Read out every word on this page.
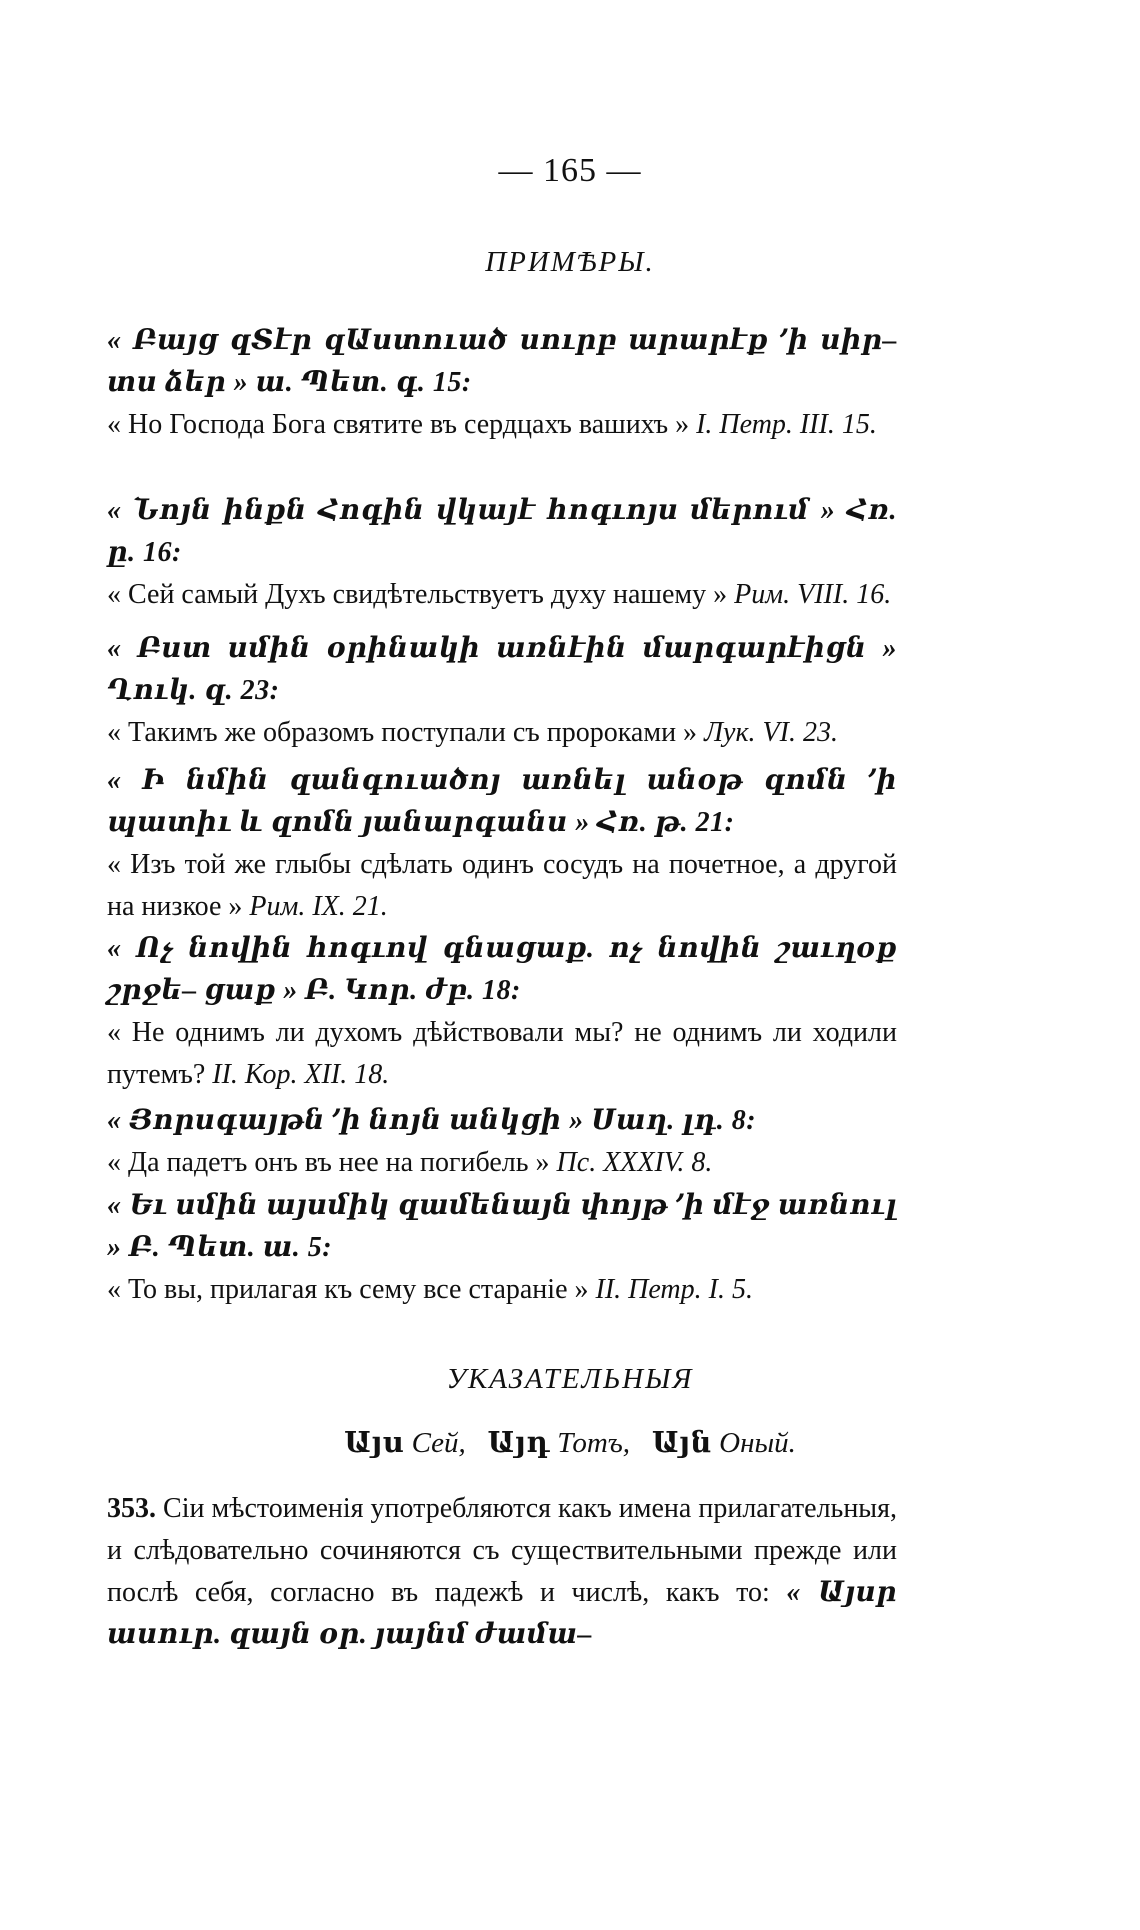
— 165 —
ПРИМѢРЫ.
« Բայց զՏէր զԱստուած սուրբ արարէք ՚ի սիր– տս ձեր » ա. Պետ. գ. 15:
« Но Господа Бога святите въ сердцахъ вашихъ » I. Петр. III. 15.
« Նոյն ինքն Հոգին վկայէ հոգւոյս մերում » Հռ. ը. 16:
« Сей самый Духъ свидѣтельствуетъ духу нашему » Рим. VIII. 16.
« Բստ սմին օրինակի առնէին մարգարէիցն » Ղուկ. զ. 23:
« Такимъ же образомъ поступали съ пророками » Лук. VI. 23.
« Ի նմին զանգուածոյ առնել անօթ զոմն ՚ի պատիւ և զոմն յանարգանս » Հռ. թ. 21:
« Изъ той же глыбы сдѣлать одинъ сосудъ на почетное, а другой на низкое » Рим. IX. 21.
« Ոչ նովին հոգւով գնացաք. ոչ նովին շաւղօք շրջե– ցաք » Բ. Կոր. ժբ. 18:
« Не однимъ ли духомъ дѣйствовали мы? не однимъ ли ходили путемъ? II. Кор. XII. 18.
« Յորսգայթն ՚ի նոյն անկցի » Սաղ. լդ. 8:
« Да падетъ онъ въ нее на погибель » Пс. XXXIV. 8.
« Եւ սմին այսմիկ զամենայն փոյթ ՚ի մէջ առնուլ » Բ. Պետ. ա. 5:
« То вы, прилагая къ сему все стараніе » II. Петр. I. 5.
УКАЗАТЕЛЬНЫЯ
Այս Сей, Այդ Тотъ, Այն Оный.
353. Сіи мѣстоименія употребляются какъ имена прилагательныя, и слѣдовательно сочиняются съ существительными прежде или послѣ себя, согласно въ падежѣ и числѣ, какъ то: « Այսր ասուր. զայն օր. յայնմ ժամա–
